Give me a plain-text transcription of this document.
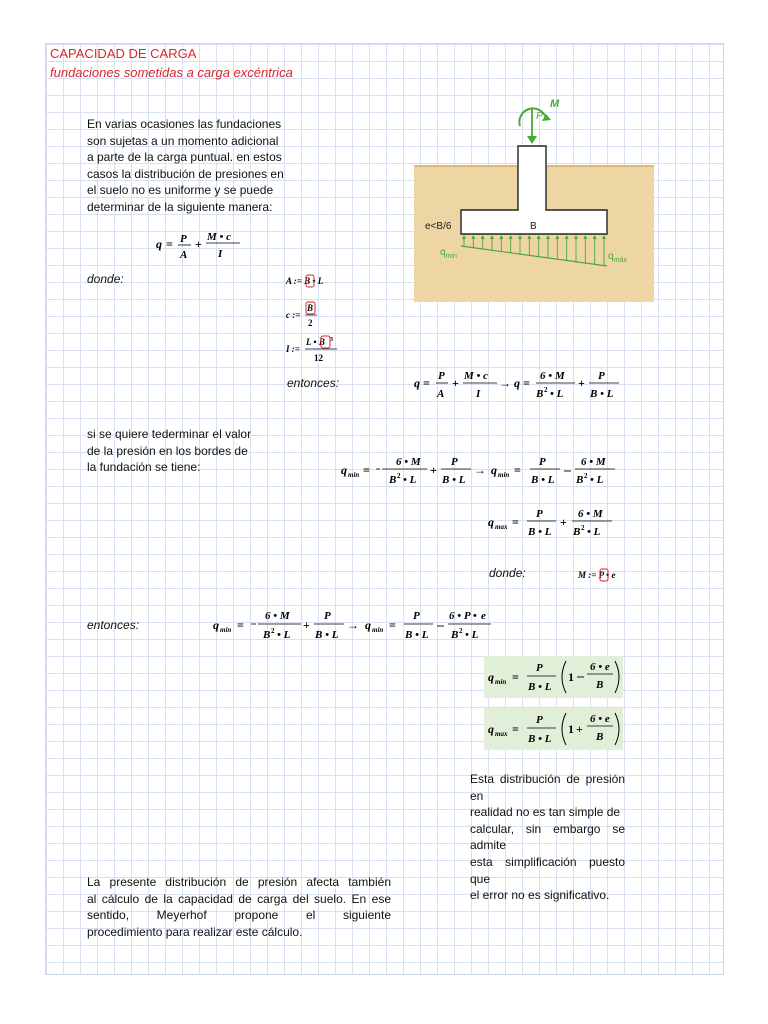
CAPACIDAD DE CARGA
fundaciones sometidas a carga excéntrica
En varias ocasiones las fundaciones
son sujetas a un momento adicional
a parte de la carga puntual. en estos
casos la distribución de presiones en
el suelo no es uniforme y se puede
determinar de la siguiente manera:
M
P
e<B/6	B
$q_{min}$	$q_{máx}$
q = P
A
+ M • c
I
donde:	A := B • L
c :=
B
2
I :=
L • B 3
12
entonces:	q = P
A
+ M • c
I
→ q = 6 • M
B 2 • L
+ P
B • L
si se quiere tederminar el valor
de la presión en los bordes de
la fundación se tiene:	q min =
6 • M
B 2 • L
+
P
B • L
→ q min =
P
B • L
6 • M
B 2 • L
q max =
P
B • L
+
6 • M
B 2 • L
donde:	M := P • e
entonces:	q min =
6 • M
B 2 • L
+
P
B • L
→ q min =
P
B • L
6 • P • e
B 2 • L
q min =
P
B • L
1
6 • e
B
q max =
P
B • L
1 +
6 • e
B
Esta distribución de presión en
realidad no es tan simple de
calcular, sin embargo se admite
esta simplificación puesto que
el error no es significativo.
La presente distribución de presión afecta también
al cálculo de la capacidad de carga del suelo. En ese
sentido, Meyerhof propone el siguiente
procedimiento para realizar este cálculo.
